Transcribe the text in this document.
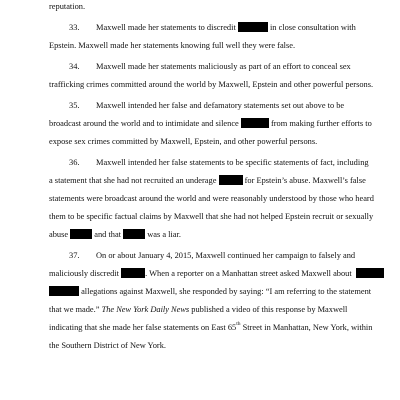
reputation.
33. Maxwell made her statements to discredit	in close consultation with
Epstein. Maxwell made her statements knowing full well they were false.
34. Maxwell made her statements maliciously as part of an effort to conceal sex
trafficking crimes committed around the world by Maxwell, Epstein and other powerful persons.
35. Maxwell intended her false and defamatory statements set out above to be
broadcast around the world and to intimidate and silence	from making further efforts to
expose sex crimes committed by Maxwell, Epstein, and other powerful persons.
36. Maxwell intended her false statements to be specific statements of fact, including
a statement that she had not recruited an underage	for Epstein’s abuse. Maxwell’s false
statements were broadcast around the world and were reasonably understood by those who heard
them to be specific factual claims by Maxwell that she had not helped Epstein recruit or sexually
abuse	and that	was a liar.
37. On or about January 4, 2015, Maxwell continued her campaign to falsely and
maliciously discredit	. When a reporter on a Manhattan street asked Maxwell about
allegations against Maxwell, she responded by saying: “I am referring to the statement
that we made.” The New York Daily News published a video of this response by Maxwell
indicating that she made her false statements on East 65th Street in Manhattan, New York, within
the Southern District of New York.
